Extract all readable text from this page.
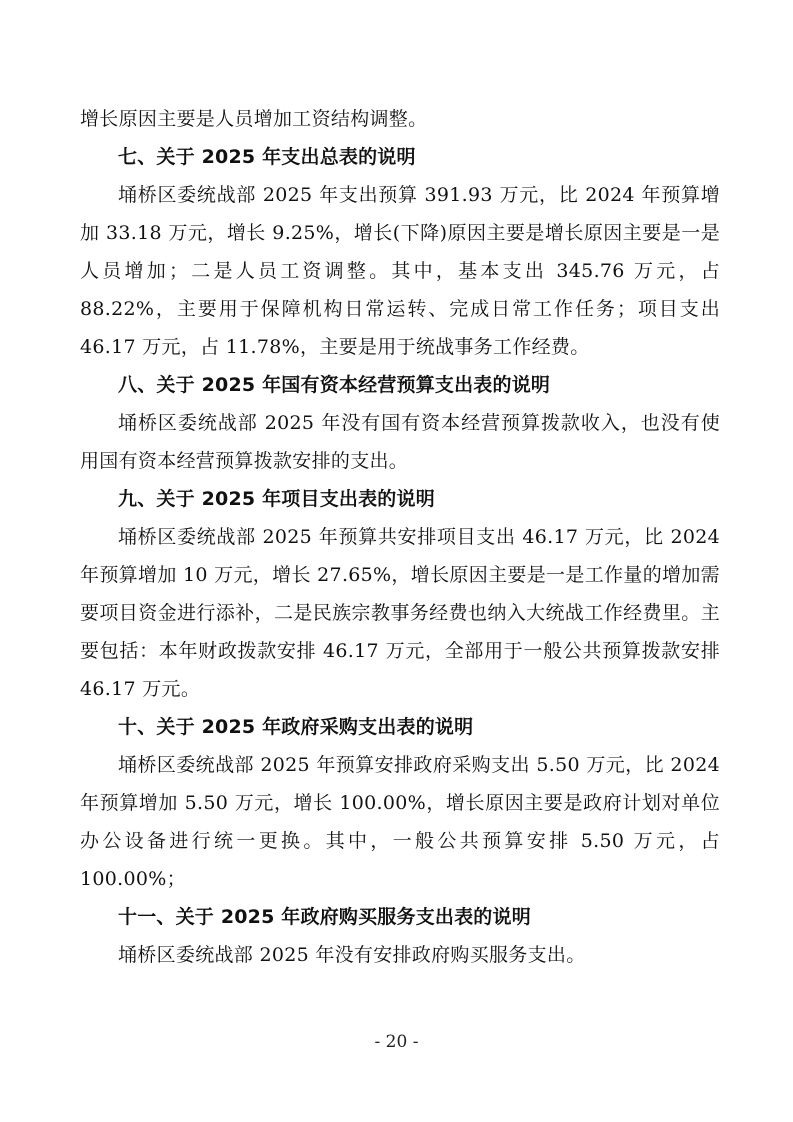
增长原因主要是人员增加工资结构调整。

七、关于 2025 年支出总表的说明

埇桥区委统战部 2025 年支出预算 391.93 万元，比 2024 年预算增加 33.18 万元，增长 9.25%，增长(下降)原因主要是增长原因主要是一是人员增加；二是人员工资调整。其中，基本支出 345.76 万元，占 88.22%，主要用于保障机构日常运转、完成日常工作任务；项目支出 46.17 万元，占 11.78%，主要是用于统战事务工作经费。

八、关于 2025 年国有资本经营预算支出表的说明

埇桥区委统战部 2025 年没有国有资本经营预算拨款收入，也没有使用国有资本经营预算拨款安排的支出。

九、关于 2025 年项目支出表的说明

埇桥区委统战部 2025 年预算共安排项目支出 46.17 万元，比 2024 年预算增加 10 万元，增长 27.65%，增长原因主要是一是工作量的增加需要项目资金进行添补，二是民族宗教事务经费也纳入大统战工作经费里。主要包括：本年财政拨款安排 46.17 万元，全部用于一般公共预算拨款安排 46.17 万元。

十、关于 2025 年政府采购支出表的说明

埇桥区委统战部 2025 年预算安排政府采购支出 5.50 万元，比 2024 年预算增加 5.50 万元，增长 100.00%，增长原因主要是政府计划对单位办公设备进行统一更换。其中，一般公共预算安排 5.50 万元，占 100.00%；

十一、关于 2025 年政府购买服务支出表的说明

埇桥区委统战部 2025 年没有安排政府购买服务支出。

- 20 -
